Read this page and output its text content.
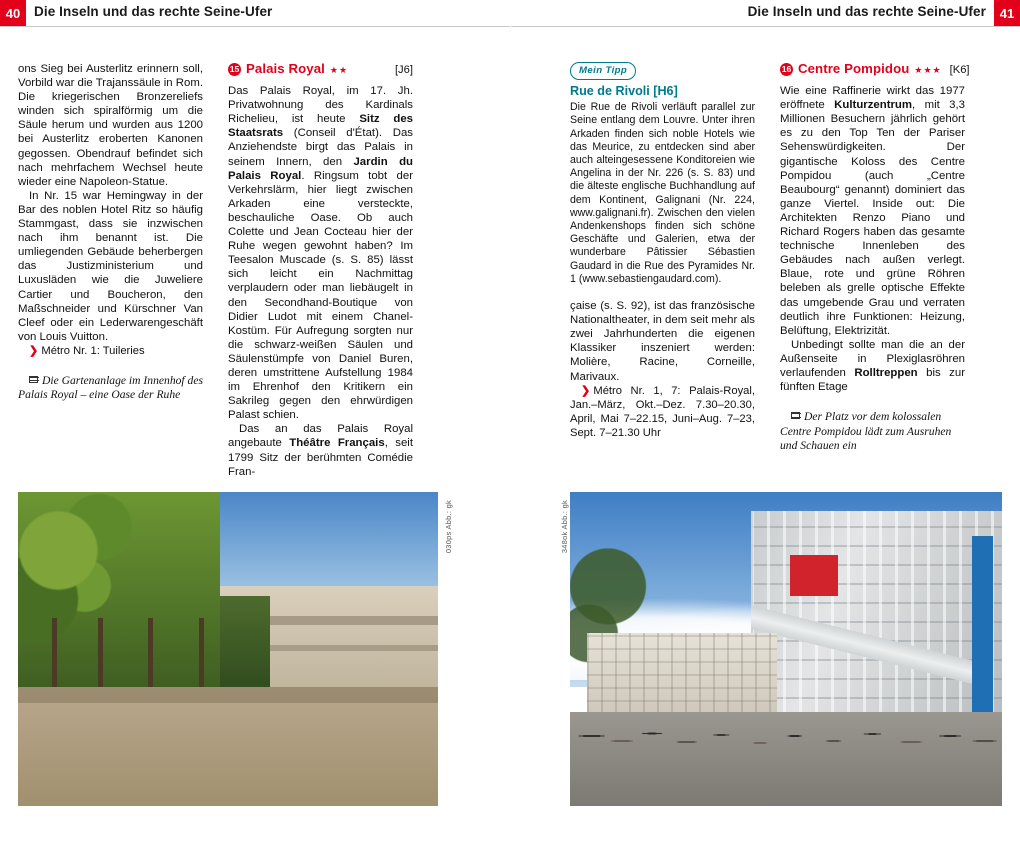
40	Die Inseln und das rechte Seine-Ufer	Die Inseln und das rechte Seine-Ufer	41

ons Sieg bei Austerlitz erinnern soll, Vorbild war die Trajanssäule in Rom. Die kriegerischen Bronzereliefs winden sich spiralförmig um die Säule herum und wurden aus 1200 bei Austerlitz eroberten Kanonen gegossen. Obendrauf befindet sich nach mehrfachem Wechsel heute wieder eine Napoleon-Statue.

In Nr. 15 war Hemingway in der Bar des noblen Hotel Ritz so häufig Stammgast, dass sie inzwischen nach ihm benannt ist. Die umliegenden Gebäude beherbergen das Justizministerium und Luxusläden wie die Juweliere Cartier und Boucheron, den Maßschneider und Kürschner Van Cleef oder ein Lederwarengeschäft von Louis Vuitton.

❯ Métro Nr. 1: Tuileries

Die Gartenanlage im Innenhof des Palais Royal – eine Oase der Ruhe

15 Palais Royal ★★	[J6]

Das Palais Royal, im 17. Jh. Privatwohnung des Kardinals Richelieu, ist heute Sitz des Staatsrats (Conseil d'État). Das Anziehendste birgt das Palais in seinem Innern, den Jardin du Palais Royal. Ringsum tobt der Verkehrslärm, hier liegt zwischen Arkaden eine versteckte, beschauliche Oase. Ob auch Colette und Jean Cocteau hier der Ruhe wegen gewohnt haben? Im Teesalon Muscade (s. S. 85) lässt sich leicht ein Nachmittag verplaudern oder man liebäugelt in den Secondhand-Boutique von Didier Ludot mit einem Chanel-Kostüm. Für Aufregung sorgten nur die schwarz-weißen Säulen und Säulenstümpfe von Daniel Buren, deren umstrittene Aufstellung 1984 im Ehrenhof den Kritikern ein Sakrileg gegen den ehrwürdigen Palast schien.

Das an das Palais Royal angebaute Théâtre Français, seit 1799 Sitz der berühmten Comédie Fran-

Mein Tipp
Rue de Rivoli [H6]

Die Rue de Rivoli verläuft parallel zur Seine entlang dem Louvre. Unter ihren Arkaden finden sich noble Hotels wie das Meurice, zu entdecken sind aber auch alteingesessene Konditoreien wie Angelina in der Nr. 226 (s. S. 83) und die älteste englische Buchhandlung auf dem Kontinent, Galignani (Nr. 224, www.galignani.fr). Zwischen den vielen Andenkenshops finden sich schöne Geschäfte und Galerien, etwa der wunderbare Pâtissier Sébastien Gaudard in die Rue des Pyramides Nr. 1 (www.sebastiengaudard.com).

çaise (s. S. 92), ist das französische Nationaltheater, in dem seit mehr als zwei Jahrhunderten die eigenen Klassiker inszeniert werden: Molière, Racine, Corneille, Marivaux.

❯ Métro Nr. 1, 7: Palais-Royal, Jan.–März, Okt.–Dez. 7.30–20.30, April, Mai 7–22.15, Juni–Aug. 7–23, Sept. 7–21.30 Uhr

16 Centre Pompidou ★★★ [K6]

Wie eine Raffinerie wirkt das 1977 eröffnete Kulturzentrum, mit 3,3 Millionen Besuchern jährlich gehört es zu den Top Ten der Pariser Sehenswürdigkeiten. Der gigantische Koloss des Centre Pompidou (auch „Centre Beaubourg“ genannt) dominiert das ganze Viertel. Inside out: Die Architekten Renzo Piano und Richard Rogers haben das gesamte technische Innenleben des Gebäudes nach außen verlegt. Blaue, rote und grüne Röhren beleben als grelle optische Effekte das umgebende Grau und verraten deutlich ihre Funktionen: Heizung, Belüftung, Elektrizität.

Unbedingt sollte man die an der Außenseite in Plexiglasröhren verlaufenden Rolltreppen bis zur fünften Etage

Der Platz vor dem kolossalen Centre Pompidou lädt zum Ausruhen und Schauen ein

030ps Abb.: gk	348ok Abb.: gk
